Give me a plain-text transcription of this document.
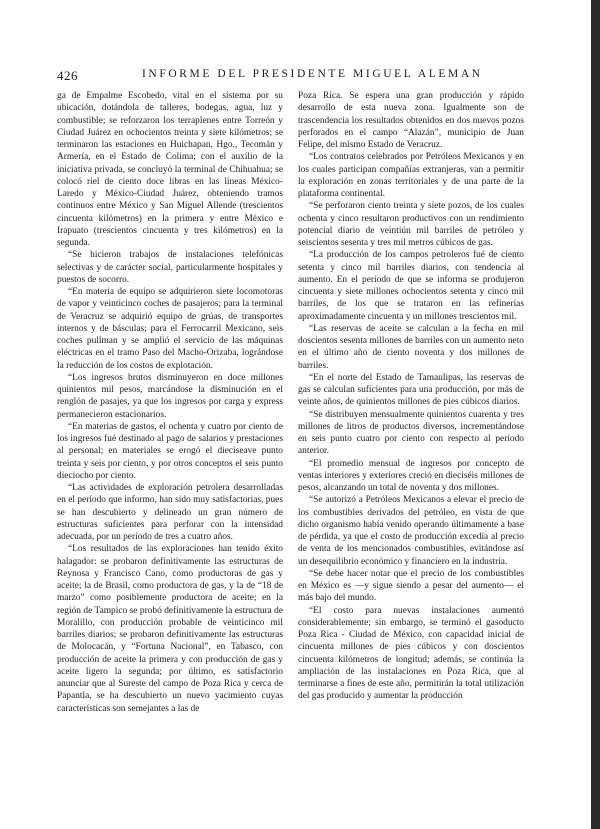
426	INFORME DEL PRESIDENTE MIGUEL ALEMAN

ga de Empalme Escobedo, vital en el sistema por su ubicación, dotándola de talleres, bodegas, agua, luz y combustible; se reforzaron los terraplenes entre Torreón y Ciudad Juárez en ochocientos treinta y siete kilómetros; se terminaron las estaciones en Huichapan, Hgo., Tecomán y Armería, en el Estado de Colima; con el auxilio de la iniciativa privada, se concluyó la terminal de Chihuahua; se colocó riel de ciento doce libras en las líneas México-Laredo y México-Ciudad Juárez, obteniendo tramos continuos entre México y San Miguel Allende (trescientos cincuenta kilómetros) en la primera y entre México e Irapuato (trescientos cincuenta y tres kilómetros) en la segunda.

“Se hicieron trabajos de instalaciones telefónicas selectivas y de carácter social, particularmente hospitales y puestos de socorro.

“En materia de equipo se adquirieron siete locomotoras de vapor y veinticinco coches de pasajeros; para la terminal de Veracruz se adquirió equipo de grúas, de transportes internos y de básculas; para el Ferrocarril Mexicano, seis coches pullman y se amplió el servicio de las máquinas eléctricas en el tramo Paso del Macho-Orizaba, lográndose la reducción de los costos de explotación.

“Los ingresos brutos disminuyeron en doce millones quinientos mil pesos, marcándose la disminución en el renglón de pasajes, ya que los ingresos por carga y express permanecieron estacionarios.

“En materias de gastos, el ochenta y cuatro por ciento de los ingresos fué destinado al pago de salarios y prestaciones al personal; en materiales se erogó el dieciseave punto treinta y seis por ciento, y por otros conceptos el seis punto dieciocho por ciento.

“Las actividades de exploración petrolera desarrolladas en el período que informo, han sido muy satisfactorias, pues se han descubierto y delineado un gran número de estructuras suficientes para perforar con la intensidad adecuada, por un período de tres a cuatro años.

“Los resultados de las exploraciones han tenido éxito halagador: se probaron definitivamente las estructuras de Reynosa y Francisco Cano, como productoras de gas y aceite; la de Brasil, como productora de gas, y la de “18 de marzo” como posiblemente productora de aceite; en la región de Tampico se probó definitivamente la estructura de Moralillo, con producción probable de veinticinco mil barriles diarios; se probaron definitivamente las estructuras de Molocacán, y “Fortuna Nacional”, en Tabasco, con producción de aceite la primera y con producción de gas y aceite ligero la segunda; por último, es satisfactorio anunciar que al Sureste del campo de Poza Rica y cerca de Papantla, se ha descubierto un nuevo yacimiento cuyas características son semejantes a las de

Poza Rica. Se espera una gran producción y rápido desarrollo de esta nueva zona. Igualmente son de trascendencia los resultados obtenidos en dos nuevos pozos perforados en el campo “Alazán”, municipio de Juan Felipe, del mismo Estado de Veracruz.

“Los contratos celebrados por Petróleos Mexicanos y en los cuales participan compañías extranjeras, van a permitir la exploración en zonas territoriales y de una parte de la plataforma continental.

“Se perforaron ciento treinta y siete pozos, de los cuales ochenta y cinco resultaron productivos con un rendimiento potencial diario de veintiún mil barriles de petróleo y seiscientos sesenta y tres mil metros cúbicos de gas.

“La producción de los campos petroleros fué de ciento setenta y cinco mil barriles diarios, con tendencia al aumento. En el período de que se informa se produjeron cincuenta y siete millones ochocientos setenta y cinco mil barriles, de los que se trataron en las refinerías aproximadamente cincuenta y un millones trescientos mil.

“Las reservas de aceite se calculan a la fecha en mil doscientos sesenta millones de barriles con un aumento neto en el último año de ciento noventa y dos millones de barriles.

“En el norte del Estado de Tamaulipas, las reservas de gas se calculan suficientes para una producción, por más de veinte años, de quinientos millones de pies cúbicos diarios.

“Se distribuyen mensualmente quinientos cuarenta y tres millones de litros de productos diversos, incrementándose en seis punto cuatro por ciento con respecto al período anterior.

“El promedio mensual de ingresos por concepto de ventas interiores y exteriores creció en dieciséis millones de pesos, alcanzando un total de noventa y dos millones.

“Se autorizó a Petróleos Mexicanos a elevar el precio de los combustibles derivados del petróleo, en vista de que dicho organismo había venido operando últimamente a base de pérdida, ya que el costo de producción excedía al precio de venta de los mencionados combustibles, evitándose así un desequilibrio económico y financiero en la industria.

“Se debe hacer notar que el precio de los combustibles en México es —y sigue siendo a pesar del aumento— el más bajo del mundo.

“El costo para nuevas instalaciones aumentó considerablemente; sin embargo, se terminó el gasoducto Poza Rica - Ciudad de México, con capacidad inicial de cincuenta millones de pies cúbicos y con doscientos cincuenta kilómetros de longitud; además, se continúa la ampliación de las instalaciones en Poza Rica, que al terminarse a fines de este año, permitirán la total utilización del gas producido y aumentar la producción
